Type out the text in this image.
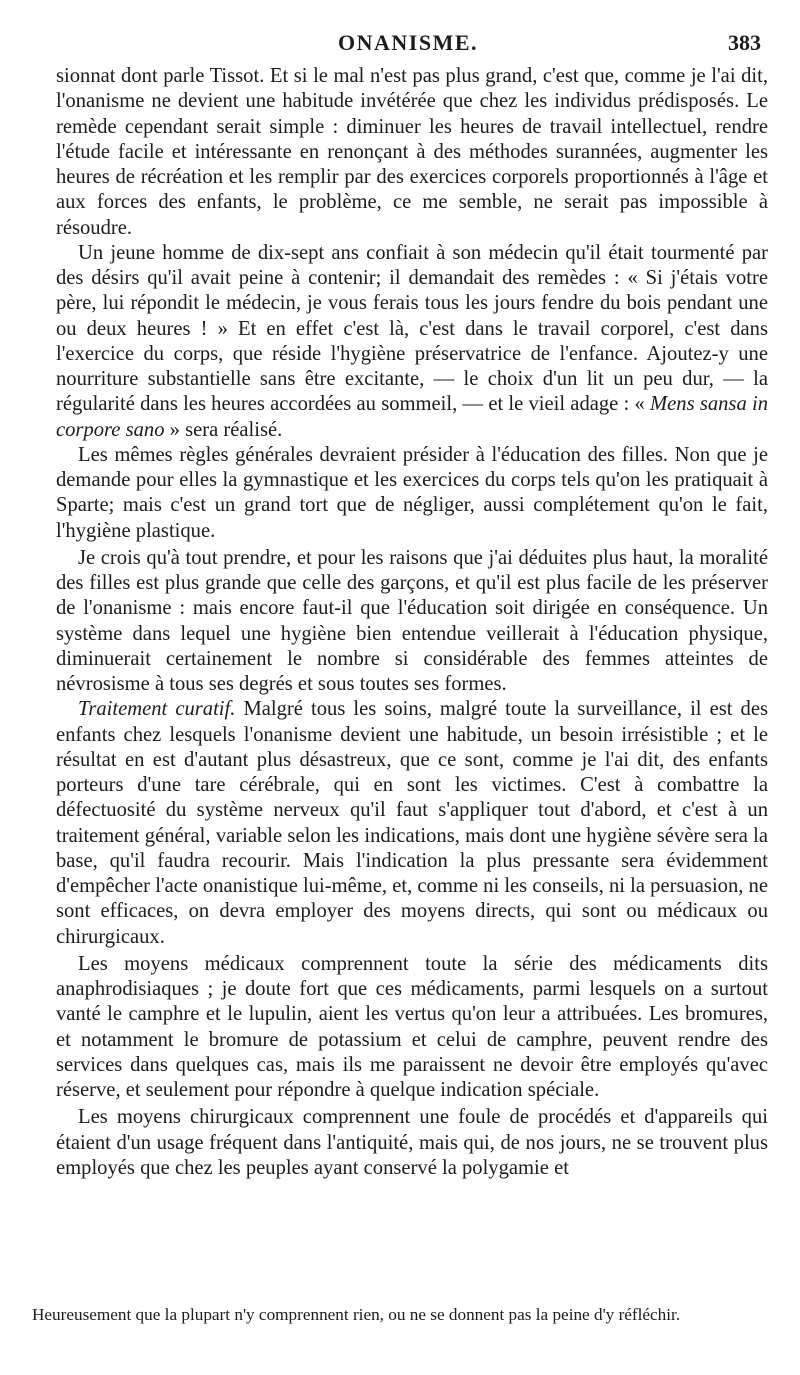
ONANISME.	383

sionnat dont parle Tissot. Et si le mal n'est pas plus grand, c'est que, comme je l'ai dit, l'onanisme ne devient une habitude invétérée que chez les individus prédisposés. Le remède cependant serait simple : diminuer les heures de travail intellectuel, rendre l'étude facile et intéressante en renonçant à des méthodes surannées, augmenter les heures de récréation et les remplir par des exercices corporels proportionnés à l'âge et aux forces des enfants, le problème, ce me semble, ne serait pas impossible à résoudre.

Un jeune homme de dix-sept ans confiait à son médecin qu'il était tourmenté par des désirs qu'il avait peine à contenir; il demandait des remèdes : « Si j'étais votre père, lui répondit le médecin, je vous ferais tous les jours fendre du bois pendant une ou deux heures ! » Et en effet c'est là, c'est dans le travail corporel, c'est dans l'exercice du corps, que réside l'hygiène préservatrice de l'enfance. Ajoutez-y une nourriture substantielle sans être excitante, — le choix d'un lit un peu dur, — la régularité dans les heures accordées au sommeil, — et le vieil adage : « Mens sansa in corpore sano » sera réalisé.

Les mêmes règles générales devraient présider à l'éducation des filles. Non que je demande pour elles la gymnastique et les exercices du corps tels qu'on les pratiquait à Sparte; mais c'est un grand tort que de négliger, aussi complétement qu'on le fait, l'hygiène plastique.

Je crois qu'à tout prendre, et pour les raisons que j'ai déduites plus haut, la moralité des filles est plus grande que celle des garçons, et qu'il est plus facile de les préserver de l'onanisme : mais encore faut-il que l'éducation soit dirigée en conséquence. Un système dans lequel une hygiène bien entendue veillerait à l'éducation physique, diminuerait certainement le nombre si considérable des femmes atteintes de névrosisme à tous ses degrés et sous toutes ses formes.

Traitement curatif. Malgré tous les soins, malgré toute la surveillance, il est des enfants chez lesquels l'onanisme devient une habitude, un besoin irrésistible ; et le résultat en est d'autant plus désastreux, que ce sont, comme je l'ai dit, des enfants porteurs d'une tare cérébrale, qui en sont les victimes. C'est à combattre la défectuosité du système nerveux qu'il faut s'appliquer tout d'abord, et c'est à un traitement général, variable selon les indications, mais dont une hygiène sévère sera la base, qu'il faudra recourir. Mais l'indication la plus pressante sera évidemment d'empêcher l'acte onanistique lui-même, et, comme ni les conseils, ni la persuasion, ne sont efficaces, on devra employer des moyens directs, qui sont ou médicaux ou chirurgicaux.

Les moyens médicaux comprennent toute la série des médicaments dits anaphrodisiaques ; je doute fort que ces médicaments, parmi lesquels on a surtout vanté le camphre et le lupulin, aient les vertus qu'on leur a attribuées. Les bromures, et notamment le bromure de potassium et celui de camphre, peuvent rendre des services dans quelques cas, mais ils me paraissent ne devoir être employés qu'avec réserve, et seulement pour répondre à quelque indication spéciale.

Les moyens chirurgicaux comprennent une foule de procédés et d'appareils qui étaient d'un usage fréquent dans l'antiquité, mais qui, de nos jours, ne se trouvent plus employés que chez les peuples ayant conservé la polygamie et

Heureusement que la plupart n'y comprennent rien, ou ne se donnent pas la peine d'y réfléchir.
